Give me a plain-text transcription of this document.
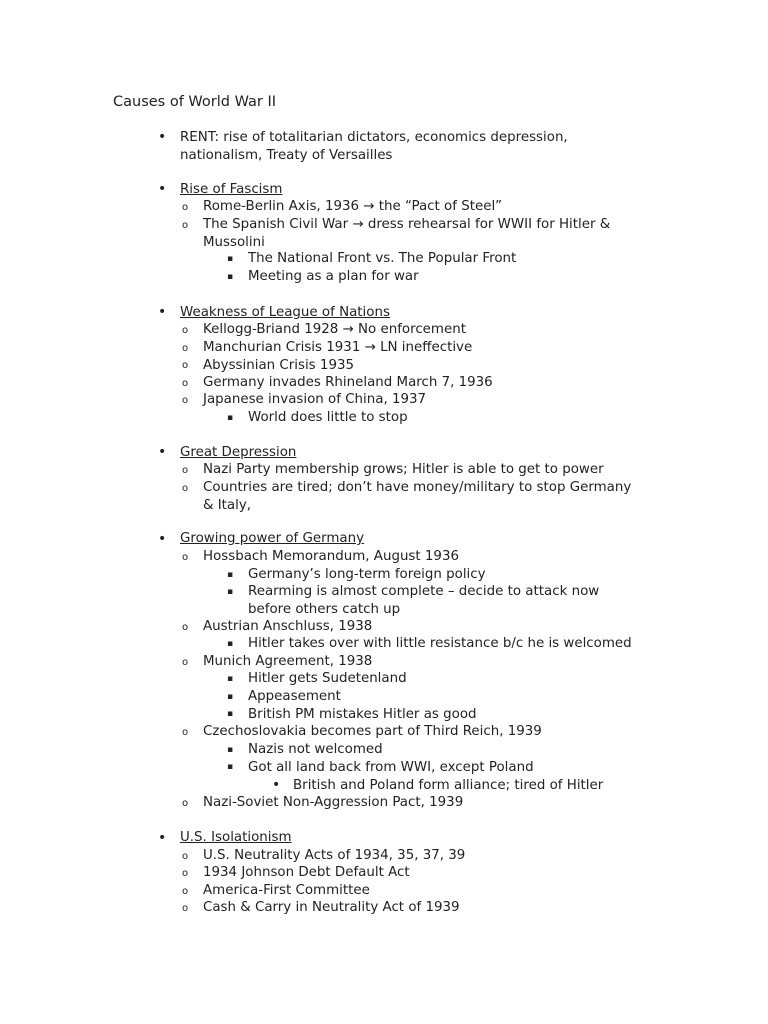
Causes of World War II
• RENT: rise of totalitarian dictators, economics depression,
nationalism, Treaty of Versailles
• Rise of Fascism
o Rome-Berlin Axis, 1936 → the “Pact of Steel”
o The Spanish Civil War → dress rehearsal for WWII for Hitler &
Mussolini
▪ The National Front vs. The Popular Front
▪ Meeting as a plan for war
• Weakness of League of Nations
o Kellogg-Briand 1928 → No enforcement
o Manchurian Crisis 1931 → LN ineffective
o Abyssinian Crisis 1935
o Germany invades Rhineland March 7, 1936
o Japanese invasion of China, 1937
▪ World does little to stop
• Great Depression
o Nazi Party membership grows; Hitler is able to get to power
o Countries are tired; don’t have money/military to stop Germany
& Italy,
• Growing power of Germany
o Hossbach Memorandum, August 1936
▪ Germany’s long-term foreign policy
▪ Rearming is almost complete – decide to attack now
before others catch up
o Austrian Anschluss, 1938
▪ Hitler takes over with little resistance b/c he is welcomed
o Munich Agreement, 1938
▪ Hitler gets Sudetenland
▪ Appeasement
▪ British PM mistakes Hitler as good
o Czechoslovakia becomes part of Third Reich, 1939
▪ Nazis not welcomed
▪ Got all land back from WWI, except Poland
• British and Poland form alliance; tired of Hitler
o Nazi-Soviet Non-Aggression Pact, 1939
• U.S. Isolationism
o U.S. Neutrality Acts of 1934, 35, 37, 39
o 1934 Johnson Debt Default Act
o America-First Committee
o Cash & Carry in Neutrality Act of 1939
